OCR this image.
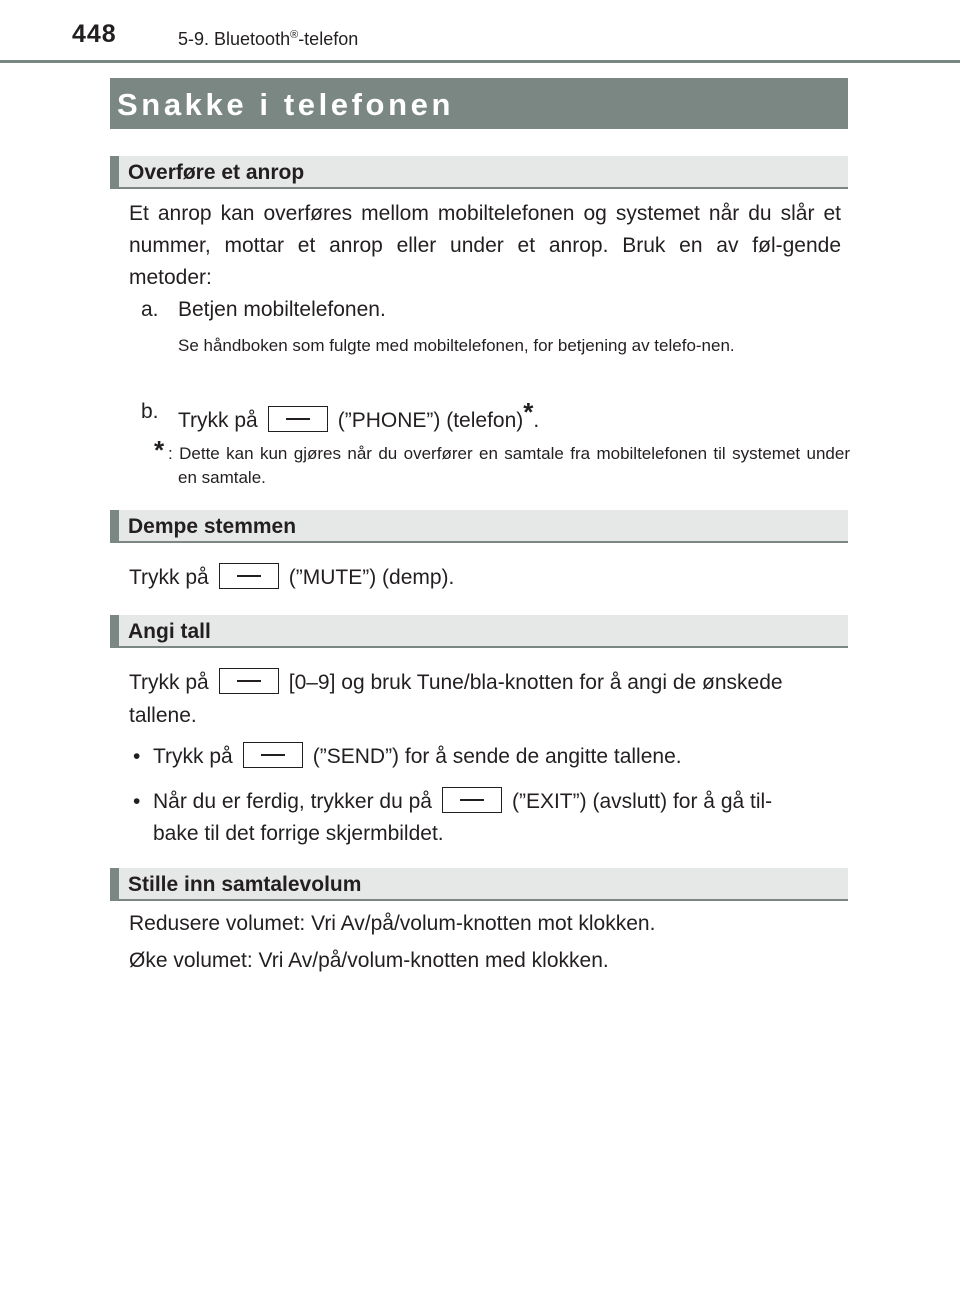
448	5-9. Bluetooth®-telefon
Snakke i telefonen
Overføre et anrop
Et anrop kan overføres mellom mobiltelefonen og systemet når du slår et nummer, mottar et anrop eller under et anrop. Bruk en av føl-gende metoder:
a. Betjen mobiltelefonen.
Se håndboken som fulgte med mobiltelefonen, for betjening av telefo-nen.
b. Trykk på	(”PHONE”) (telefon)*.
* : Dette kan kun gjøres når du overfører en samtale fra mobiltelefonen til systemet under en samtale.
Dempe stemmen
Trykk på	(”MUTE”) (demp).
Angi tall
Trykk på	[0–9] og bruk Tune/bla-knotten for å angi de ønskede
tallene.
• Trykk på	(”SEND”) for å sende de angitte tallene.
• Når du er ferdig, trykker du på	(”EXIT”) (avslutt) for å gå til-
bake til det forrige skjermbildet.
Stille inn samtalevolum
Redusere volumet: Vri Av/på/volum-knotten mot klokken.
Øke volumet: Vri Av/på/volum-knotten med klokken.
